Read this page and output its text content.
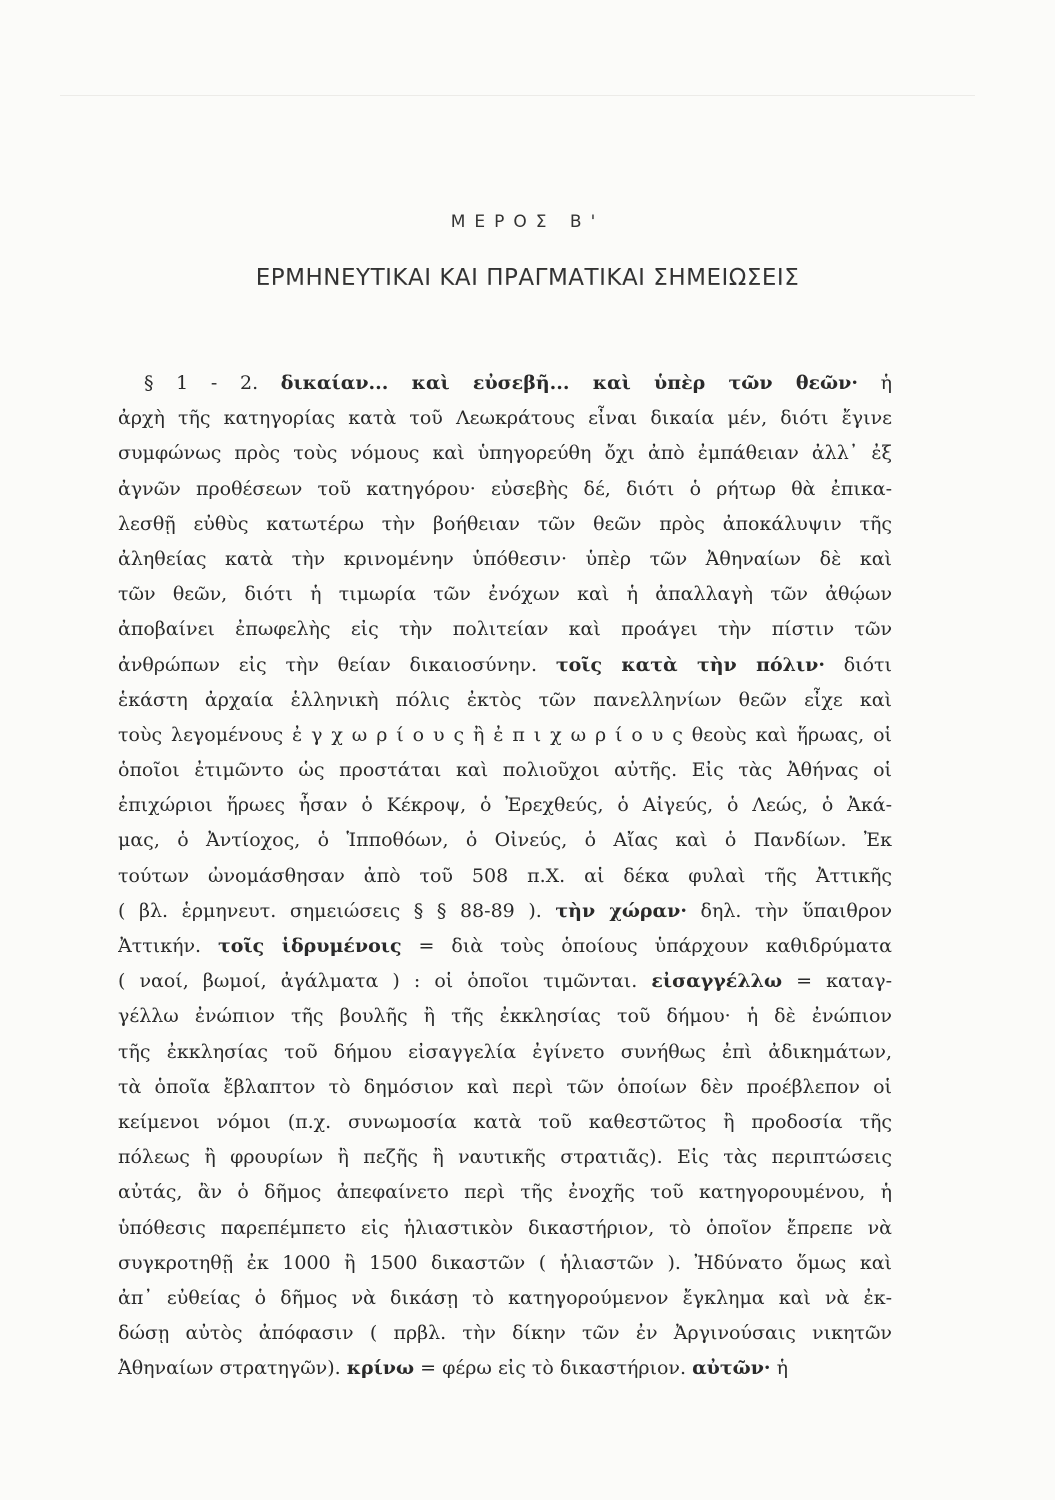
ΜΕΡΟΣ Β'
ΕΡΜΗΝΕΥΤΙΚΑΙ ΚΑΙ ΠΡΑΓΜΑΤΙΚΑΙ ΣΗΜΕΙΩΣΕΙΣ
§ 1 - 2. δικαίαν... καὶ εὐσεβῆ... καὶ ὑπὲρ τῶν θεῶν· ἡ
ἀρχὴ τῆς κατηγορίας κατὰ τοῦ Λεωκράτους εἶναι δικαία μέν, διότι ἔγινε
συμφώνως πρὸς τοὺς νόμους καὶ ὑπηγορεύθη ὄχι ἀπὸ ἐμπάθειαν ἀλλ᾿ ἐξ
ἀγνῶν προθέσεων τοῦ κατηγόρου· εὐσεβὴς δέ, διότι ὁ ρήτωρ θὰ ἐπικα-
λεσθῇ εὐθὺς κατωτέρω τὴν βοήθειαν τῶν θεῶν πρὸς ἀποκάλυψιν τῆς
ἀληθείας κατὰ τὴν κρινομένην ὑπόθεσιν· ὑπὲρ τῶν Ἀθηναίων δὲ καὶ
τῶν θεῶν, διότι ἡ τιμωρία τῶν ἐνόχων καὶ ἡ ἀπαλλαγὴ τῶν ἀθῴων
ἀποβαίνει ἐπωφελὴς εἰς τὴν πολιτείαν καὶ προάγει τὴν πίστιν τῶν
ἀνθρώπων εἰς τὴν θείαν δικαιοσύνην. τοῖς κατὰ τὴν πόλιν· διότι
ἑκάστη ἀρχαία ἑλληνικὴ πόλις ἐκτὸς τῶν πανελληνίων θεῶν εἶχε καὶ
τοὺς λεγομένους ἐ γ χ ω ρ ί ο υ ς ἢ ἐ π ι χ ω ρ ί ο υ ς θεοὺς καὶ ἥρωας, οἱ
ὁποῖοι ἐτιμῶντο ὡς προστάται καὶ πολιοῦχοι αὐτῆς. Εἰς τὰς Ἀθήνας οἱ
ἐπιχώριοι ἥρωες ἦσαν ὁ Κέκροψ, ὁ Ἐρεχθεύς, ὁ Αἰγεύς, ὁ Λεώς, ὁ Ἀκά-
μας, ὁ Ἀντίοχος, ὁ Ἱπποθόων, ὁ Οἰνεύς, ὁ Αἴας καὶ ὁ Πανδίων. Ἐκ
τούτων ὠνομάσθησαν ἀπὸ τοῦ 508 π.Χ. αἱ δέκα φυλαὶ τῆς Ἀττικῆς
( βλ. ἑρμηνευτ. σημειώσεις § § 88-89 ). τὴν χώραν· δηλ. τὴν ὕπαιθρον
Ἀττικήν. τοῖς ἱδρυμένοις = διὰ τοὺς ὁποίους ὑπάρχουν καθιδρύματα
( ναοί, βωμοί, ἀγάλματα ) : οἱ ὁποῖοι τιμῶνται. εἰσαγγέλλω = καταγ-
γέλλω ἐνώπιον τῆς βουλῆς ἢ τῆς ἐκκλησίας τοῦ δήμου· ἡ δὲ ἐνώπιον
τῆς ἐκκλησίας τοῦ δήμου εἰσαγγελία ἐγίνετο συνήθως ἐπὶ ἀδικημάτων,
τὰ ὁποῖα ἔβλαπτον τὸ δημόσιον καὶ περὶ τῶν ὁποίων δὲν προέβλεπον οἱ
κείμενοι νόμοι (π.χ. συνωμοσία κατὰ τοῦ καθεστῶτος ἢ προδοσία τῆς
πόλεως ἢ φρουρίων ἢ πεζῆς ἢ ναυτικῆς στρατιᾶς). Εἰς τὰς περιπτώσεις
αὐτάς, ἂν ὁ δῆμος ἀπεφαίνετο περὶ τῆς ἐνοχῆς τοῦ κατηγορουμένου, ἡ
ὑπόθεσις παρεπέμπετο εἰς ἡλιαστικὸν δικαστήριον, τὸ ὁποῖον ἔπρεπε νὰ
συγκροτηθῇ ἐκ 1000 ἢ 1500 δικαστῶν ( ἡλιαστῶν ). Ἠδύνατο ὅμως καὶ
ἀπ᾿ εὐθείας ὁ δῆμος νὰ δικάσῃ τὸ κατηγορούμενον ἔγκλημα καὶ νὰ ἐκ-
δώσῃ αὐτὸς ἀπόφασιν ( πρβλ. τὴν δίκην τῶν ἐν Ἀργινούσαις νικητῶν
Ἀθηναίων στρατηγῶν). κρίνω = φέρω εἰς τὸ δικαστήριον. αὐτῶν· ἡ
